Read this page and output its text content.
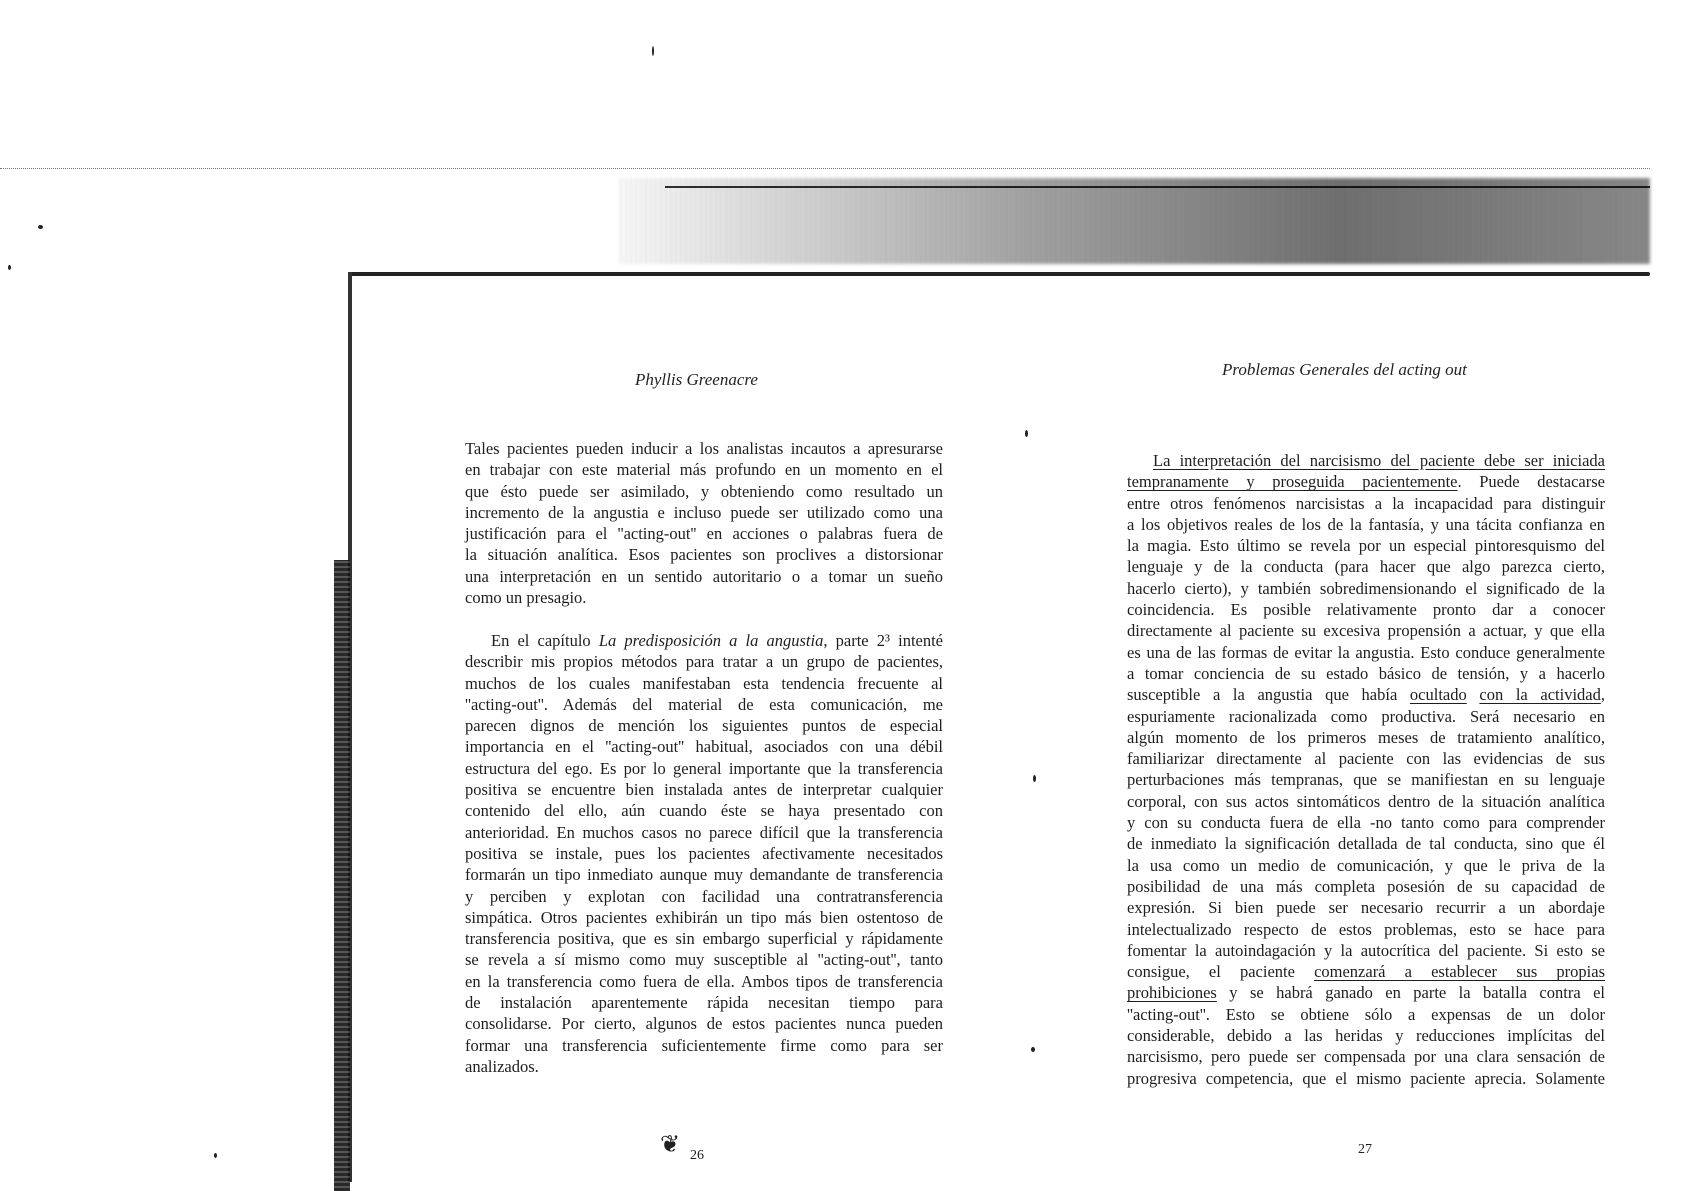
Phyllis Greenacre
Tales pacientes pueden inducir a los analistas incautos a apresurarse
en trabajar con este material más profundo en un momento en el
que ésto puede ser asimilado, y obteniendo como resultado un
incremento de la angustia e incluso puede ser utilizado como una
justificación para el ''acting-out'' en acciones o palabras fuera de
la situación analítica. Esos pacientes son proclives a distorsionar
una interpretación en un sentido autoritario o a tomar un sueño
como un presagio.
En el capítulo La predisposición a la angustia, parte 2³ intenté
describir mis propios métodos para tratar a un grupo de pacientes,
muchos de los cuales manifestaban esta tendencia frecuente al
''acting-out''. Además del material de esta comunicación, me
parecen dignos de mención los siguientes puntos de especial
importancia en el ''acting-out'' habitual, asociados con una débil
estructura del ego. Es por lo general importante que la transferencia
positiva se encuentre bien instalada antes de interpretar cualquier
contenido del ello, aún cuando éste se haya presentado con
anterioridad. En muchos casos no parece difícil que la transferencia
positiva se instale, pues los pacientes afectivamente necesitados
formarán un tipo inmediato aunque muy demandante de transferencia
y perciben y explotan con facilidad una contratransferencia
simpática. Otros pacientes exhibirán un tipo más bien ostentoso de
transferencia positiva, que es sin embargo superficial y rápidamente
se revela a sí mismo como muy susceptible al ''acting-out'', tanto
en la transferencia como fuera de ella. Ambos tipos de transferencia
de instalación aparentemente rápida necesitan tiempo para
consolidarse. Por cierto, algunos de estos pacientes nunca pueden
formar una transferencia suficientemente firme como para ser
analizados.
❦ 26
Problemas Generales del acting out
La interpretación del narcisismo del paciente debe ser iniciada
tempranamente y proseguida pacientemente. Puede destacarse
entre otros fenómenos narcisistas a la incapacidad para distinguir
a los objetivos reales de los de la fantasía, y una tácita confianza en
la magia. Esto último se revela por un especial pintoresquismo del
lenguaje y de la conducta (para hacer que algo parezca cierto,
hacerlo cierto), y también sobredimensionando el significado de la
coincidencia. Es posible relativamente pronto dar a conocer
directamente al paciente su excesiva propensión a actuar, y que ella
es una de las formas de evitar la angustia. Esto conduce generalmente
a tomar conciencia de su estado básico de tensión, y a hacerlo
susceptible a la angustia que había ocultado con la actividad,
espuriamente racionalizada como productiva. Será necesario en
algún momento de los primeros meses de tratamiento analítico,
familiarizar directamente al paciente con las evidencias de sus
perturbaciones más tempranas, que se manifiestan en su lenguaje
corporal, con sus actos sintomáticos dentro de la situación analítica
y con su conducta fuera de ella -no tanto como para comprender
de inmediato la significación detallada de tal conducta, sino que él
la usa como un medio de comunicación, y que le priva de la
posibilidad de una más completa posesión de su capacidad de
expresión. Si bien puede ser necesario recurrir a un abordaje
intelectualizado respecto de estos problemas, esto se hace para
fomentar la autoindagación y la autocrítica del paciente. Si esto se
consigue, el paciente comenzará a establecer sus propias
prohibiciones y se habrá ganado en parte la batalla contra el
''acting-out''. Esto se obtiene sólo a expensas de un dolor
considerable, debido a las heridas y reducciones implícitas del
narcisismo, pero puede ser compensada por una clara sensación de
progresiva competencia, que el mismo paciente aprecia. Solamente
27
